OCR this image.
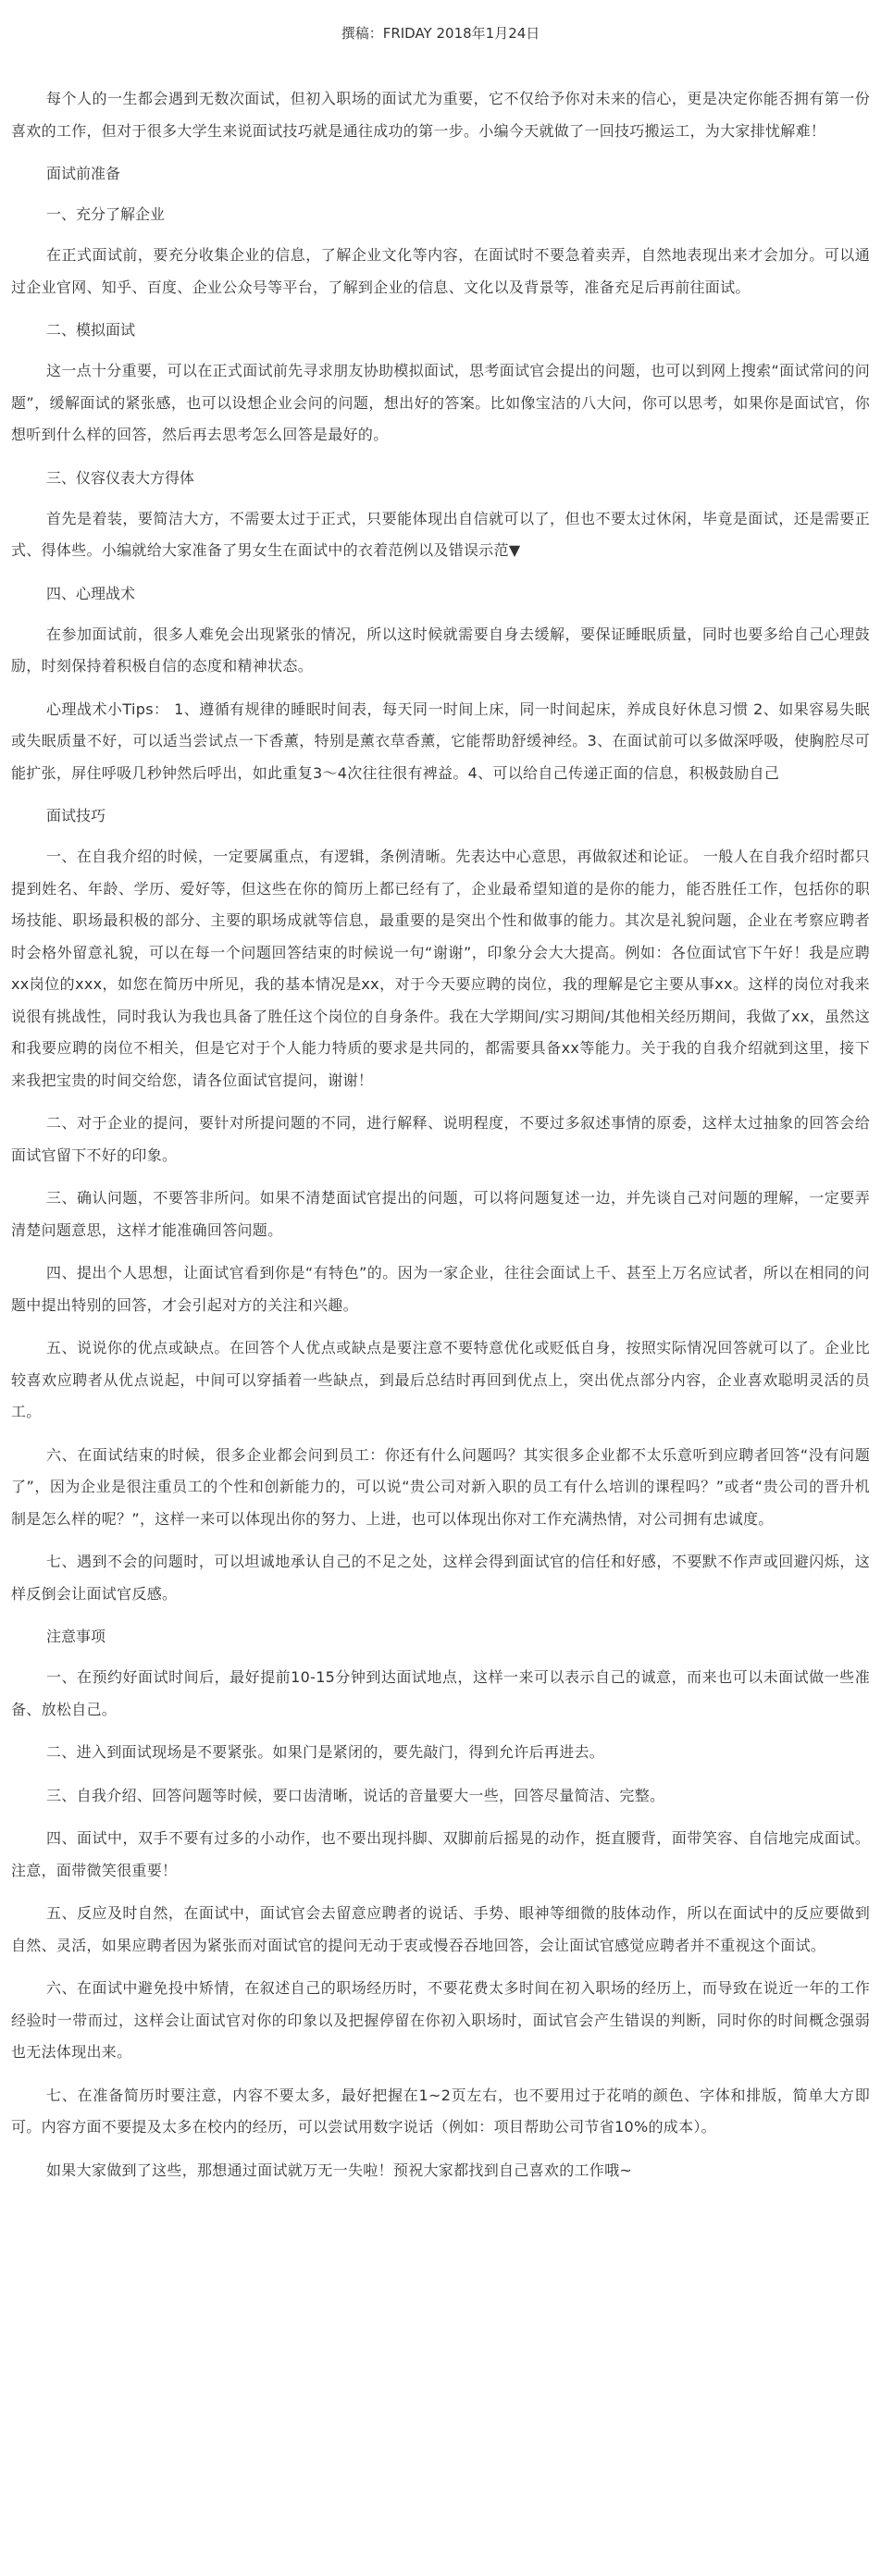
撰稿：FRIDAY 2018年1月24日

每个人的一生都会遇到无数次面试，但初入职场的面试尤为重要，它不仅给予你对未来的信心，更是决定你能否拥有第一份喜欢的工作，但对于很多大学生来说面试技巧就是通往成功的第一步。小编今天就做了一回技巧搬运工，为大家排忧解难！

面试前准备

一、充分了解企业

在正式面试前，要充分收集企业的信息，了解企业文化等内容，在面试时不要急着卖弄，自然地表现出来才会加分。可以通过企业官网、知乎、百度、企业公众号等平台，了解到企业的信息、文化以及背景等，准备充足后再前往面试。

二、模拟面试

这一点十分重要，可以在正式面试前先寻求朋友协助模拟面试，思考面试官会提出的问题，也可以到网上搜索“面试常问的问题”，缓解面试的紧张感，也可以设想企业会问的问题，想出好的答案。比如像宝洁的八大问，你可以思考，如果你是面试官，你想听到什么样的回答，然后再去思考怎么回答是最好的。

三、仪容仪表大方得体

首先是着装，要简洁大方，不需要太过于正式，只要能体现出自信就可以了，但也不要太过休闲，毕竟是面试，还是需要正式、得体些。小编就给大家准备了男女生在面试中的衣着范例以及错误示范▼

四、心理战术

在参加面试前，很多人难免会出现紧张的情况，所以这时候就需要自身去缓解，要保证睡眠质量，同时也要多给自己心理鼓励，时刻保持着积极自信的态度和精神状态。

心理战术小Tips： 1、遵循有规律的睡眠时间表，每天同一时间上床，同一时间起床，养成良好休息习惯 2、如果容易失眠或失眠质量不好，可以适当尝试点一下香薰，特别是薰衣草香薰，它能帮助舒缓神经。3、在面试前可以多做深呼吸，使胸腔尽可能扩张，屏住呼吸几秒钟然后呼出，如此重复3～4次往往很有裨益。4、可以给自己传递正面的信息，积极鼓励自己

面试技巧

一、在自我介绍的时候，一定要属重点，有逻辑，条例清晰。先表达中心意思，再做叙述和论证。 一般人在自我介绍时都只提到姓名、年龄、学历、爱好等，但这些在你的简历上都已经有了，企业最希望知道的是你的能力，能否胜任工作，包括你的职场技能、职场最积极的部分、主要的职场成就等信息，最重要的是突出个性和做事的能力。其次是礼貌问题，企业在考察应聘者时会格外留意礼貌，可以在每一个问题回答结束的时候说一句“谢谢”，印象分会大大提高。例如：各位面试官下午好！我是应聘xx岗位的xxx，如您在简历中所见，我的基本情况是xx，对于今天要应聘的岗位，我的理解是它主要从事xx。这样的岗位对我来说很有挑战性，同时我认为我也具备了胜任这个岗位的自身条件。我在大学期间/实习期间/其他相关经历期间，我做了xx，虽然这和我要应聘的岗位不相关，但是它对于个人能力特质的要求是共同的，都需要具备xx等能力。关于我的自我介绍就到这里，接下来我把宝贵的时间交给您，请各位面试官提问，谢谢！

二、对于企业的提问，要针对所提问题的不同，进行解释、说明程度，不要过多叙述事情的原委，这样太过抽象的回答会给面试官留下不好的印象。

三、确认问题，不要答非所问。如果不清楚面试官提出的问题，可以将问题复述一边，并先谈自己对问题的理解，一定要弄清楚问题意思，这样才能准确回答问题。

四、提出个人思想，让面试官看到你是“有特色”的。因为一家企业，往往会面试上千、甚至上万名应试者，所以在相同的问题中提出特别的回答，才会引起对方的关注和兴趣。

五、说说你的优点或缺点。在回答个人优点或缺点是要注意不要特意优化或贬低自身，按照实际情况回答就可以了。企业比较喜欢应聘者从优点说起，中间可以穿插着一些缺点，到最后总结时再回到优点上，突出优点部分内容，企业喜欢聪明灵活的员工。

六、在面试结束的时候，很多企业都会问到员工：你还有什么问题吗？其实很多企业都不太乐意听到应聘者回答“没有问题了”，因为企业是很注重员工的个性和创新能力的，可以说“贵公司对新入职的员工有什么培训的课程吗？”或者“贵公司的晋升机制是怎么样的呢？”，这样一来可以体现出你的努力、上进，也可以体现出你对工作充满热情，对公司拥有忠诚度。

七、遇到不会的问题时，可以坦诚地承认自己的不足之处，这样会得到面试官的信任和好感，不要默不作声或回避闪烁，这样反倒会让面试官反感。

注意事项

一、在预约好面试时间后，最好提前10-15分钟到达面试地点，这样一来可以表示自己的诚意，而来也可以未面试做一些准备、放松自己。

二、进入到面试现场是不要紧张。如果门是紧闭的，要先敲门，得到允许后再进去。

三、自我介绍、回答问题等时候，要口齿清晰，说话的音量要大一些，回答尽量简洁、完整。

四、面试中，双手不要有过多的小动作，也不要出现抖脚、双脚前后摇晃的动作，挺直腰背，面带笑容、自信地完成面试。注意，面带微笑很重要！

五、反应及时自然，在面试中，面试官会去留意应聘者的说话、手势、眼神等细微的肢体动作，所以在面试中的反应要做到自然、灵活，如果应聘者因为紧张而对面试官的提问无动于衷或慢吞吞地回答，会让面试官感觉应聘者并不重视这个面试。

六、在面试中避免投中矫情，在叙述自己的职场经历时，不要花费太多时间在初入职场的经历上，而导致在说近一年的工作经验时一带而过，这样会让面试官对你的印象以及把握停留在你初入职场时，面试官会产生错误的判断，同时你的时间概念强弱也无法体现出来。

七、在准备简历时要注意，内容不要太多，最好把握在1~2页左右，也不要用过于花哨的颜色、字体和排版，简单大方即可。内容方面不要提及太多在校内的经历，可以尝试用数字说话（例如：项目帮助公司节省10%的成本）。

如果大家做到了这些，那想通过面试就万无一失啦！预祝大家都找到自己喜欢的工作哦~
